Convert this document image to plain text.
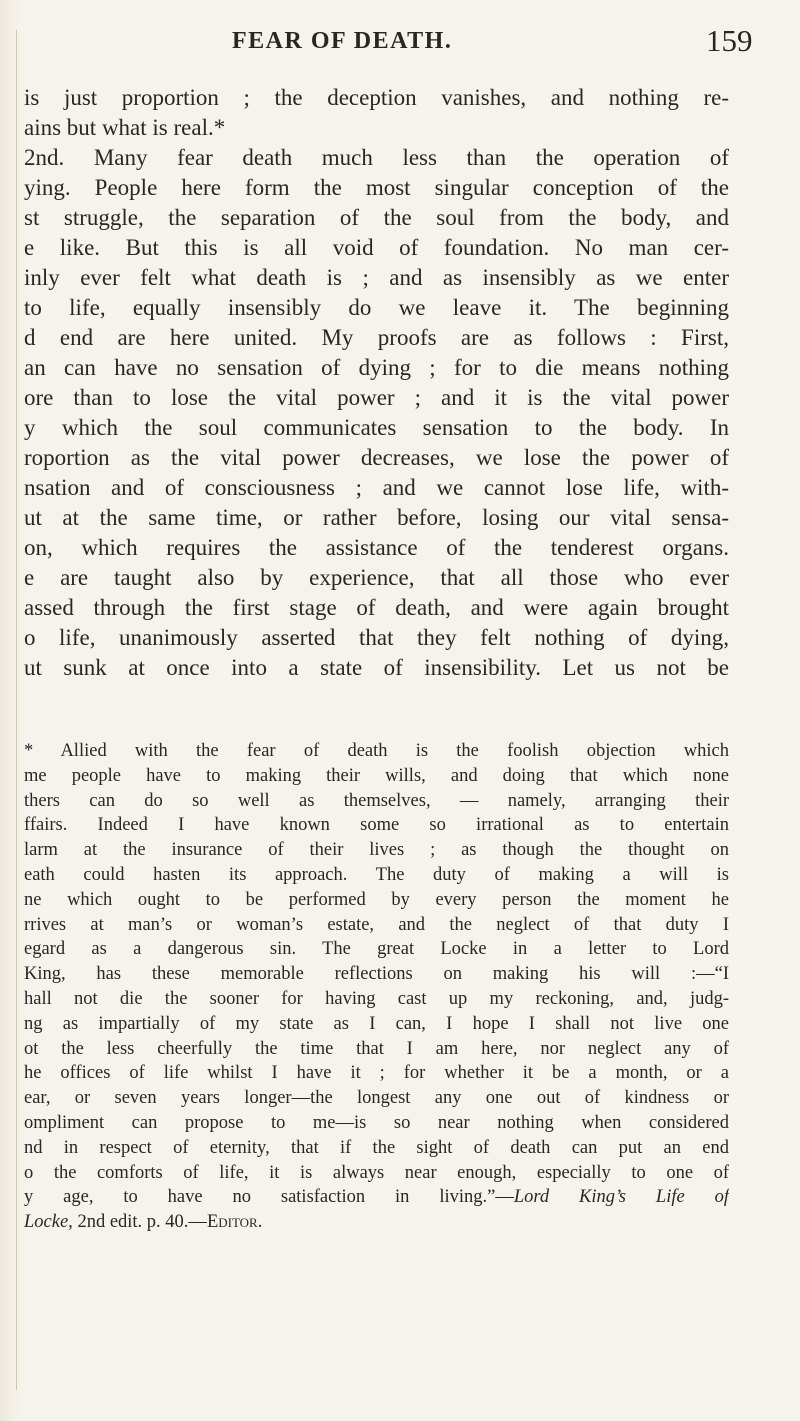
FEAR OF DEATH.	159
is just proportion ; the deception vanishes, and nothing re-
ains but what is real.*
2nd. Many fear death much less than the operation of
ying. People here form the most singular conception of the
st struggle, the separation of the soul from the body, and
e like. But this is all void of foundation. No man cer-
inly ever felt what death is ; and as insensibly as we enter
to life, equally insensibly do we leave it. The beginning
d end are here united. My proofs are as follows : First,
an can have no sensation of dying ; for to die means nothing
ore than to lose the vital power ; and it is the vital power
y which the soul communicates sensation to the body. In
roportion as the vital power decreases, we lose the power of
nsation and of consciousness ; and we cannot lose life, with-
ut at the same time, or rather before, losing our vital sensa-
on, which requires the assistance of the tenderest organs.
e are taught also by experience, that all those who ever
assed through the first stage of death, and were again brought
o life, unanimously asserted that they felt nothing of dying,
ut sunk at once into a state of insensibility. Let us not be
* Allied with the fear of death is the foolish objection which
me people have to making their wills, and doing that which none
thers can do so well as themselves, — namely, arranging their
ffairs. Indeed I have known some so irrational as to entertain
larm at the insurance of their lives ; as though the thought on
eath could hasten its approach. The duty of making a will is
ne which ought to be performed by every person the moment he
rrives at man’s or woman’s estate, and the neglect of that duty I
egard as a dangerous sin. The great Locke in a letter to Lord
King, has these memorable reflections on making his will :—“I
hall not die the sooner for having cast up my reckoning, and, judg-
ng as impartially of my state as I can, I hope I shall not live one
ot the less cheerfully the time that I am here, nor neglect any of
he offices of life whilst I have it ; for whether it be a month, or a
ear, or seven years longer—the longest any one out of kindness or
ompliment can propose to me—is so near nothing when considered
nd in respect of eternity, that if the sight of death can put an end
o the comforts of life, it is always near enough, especially to one of
y age, to have no satisfaction in living.”—Lord King’s Life of
Locke, 2nd edit. p. 40.—Editor.
